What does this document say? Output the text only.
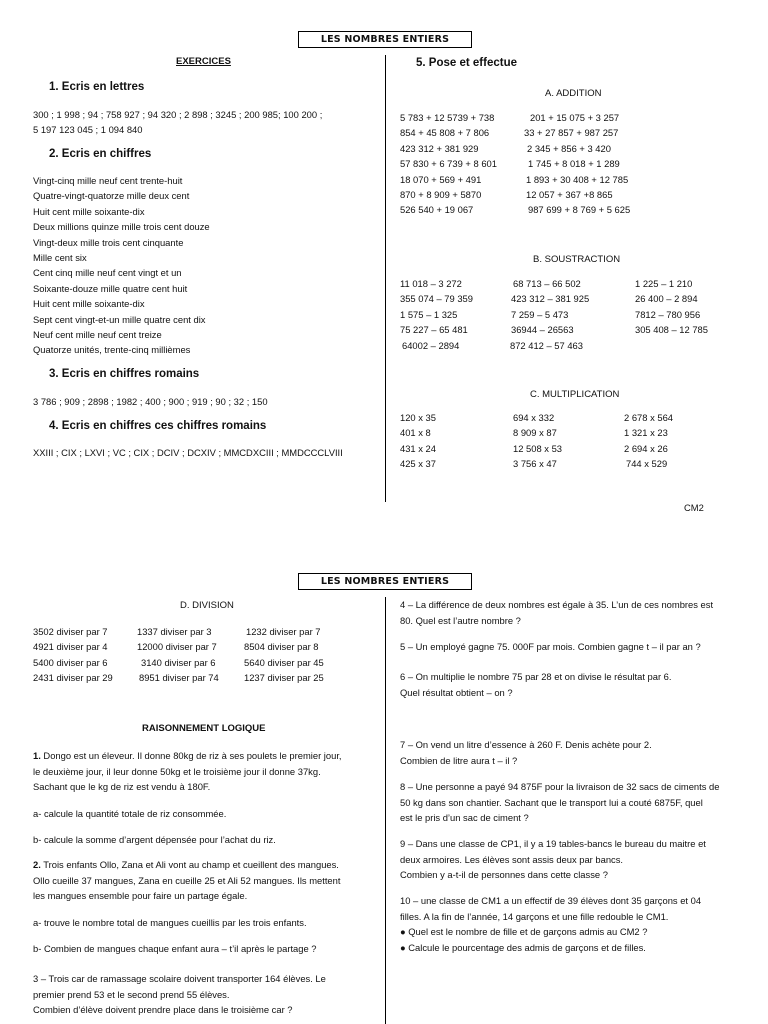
LES NOMBRES ENTIERS
EXERCICES
1. Ecris en lettres
300 ; 1 998 ; 94 ; 758 927 ; 94 320 ; 2 898 ; 3245 ; 200 985; 100 200 ;
5 197 123 045 ; 1 094 840
2. Ecris en chiffres
Vingt-cinq mille neuf cent trente-huit
Quatre-vingt-quatorze mille deux cent
Huit cent mille soixante-dix
Deux millions quinze mille trois cent douze
Vingt-deux mille trois cent cinquante
Mille cent six
Cent cinq mille neuf cent vingt et un
Soixante-douze mille quatre cent huit
Huit cent mille soixante-dix
Sept cent vingt-et-un mille quatre cent dix
Neuf cent mille neuf cent treize
Quatorze unités, trente-cinq millièmes
3. Ecris en chiffres romains
3 786 ; 909 ; 2898 ; 1982 ; 400 ; 900 ; 919 ; 90 ; 32 ; 150
4. Ecris en chiffres ces chiffres romains
XXIII ; CIX ; LXVI ; VC ; CIX ; DCIV ; DCXIV ; MMCDXCIII ; MMDCCCLVIII
5. Pose et effectue
A. ADDITION
5 783 + 12 5739 + 738
854 + 45 808 + 7 806
423 312 + 381 929
57 830 + 6 739 + 8 601
18 070 + 569 + 491
870 + 8 909 + 5870
526 540 + 19 067
201 + 15 075 + 3 257
33 + 27 857 + 987 257
2 345 + 856 + 3 420
1 745 + 8 018 + 1 289
1 893 + 30 408 + 12 785
12 057 + 367 +8 865
987 699 + 8 769 + 5 625
B. SOUSTRACTION
11 018 – 3 272
355 074 – 79 359
1 575 – 1 325
75 227 – 65 481
64002 – 2894
68 713 – 66 502
423 312 – 381 925
7 259 – 5 473
36944 – 26563
872 412 – 57 463
1 225 – 1 210
26 400 – 2 894
7812 – 780 956
305 408 – 12 785
C. MULTIPLICATION
120 x 35
401 x 8
431 x 24
425 x 37
694 x 332
8 909 x 87
12 508 x 53
3 756 x 47
2 678 x 564
1 321 x 23
2 694 x 26
744 x 529
CM2
LES NOMBRES ENTIERS
D. DIVISION
3502 diviser par 7
4921 diviser par 4
5400 diviser par 6
2431 diviser par 29
1337 diviser par 3
12000 diviser par 7
3140 diviser par 6
8951 diviser par 74
1232 diviser par 7
8504 diviser par 8
5640 diviser par 45
1237 diviser par 25
RAISONNEMENT LOGIQUE

1. Dongo est un éleveur. Il donne 80kg de riz à ses poulets le premier jour,

le deuxième jour, il leur donne 50kg et le troisième jour il donne 37kg.

Sachant que le kg de riz est vendu à 180F.

a- calcule la quantité totale de riz consommée.

b- calcule la somme d’argent dépensée pour l’achat du riz.

2. Trois enfants Ollo, Zana et Ali vont au champ et cueillent des mangues.

Ollo cueille 37 mangues, Zana en cueille 25 et Ali 52 mangues. Ils mettent

les mangues ensemble pour faire un partage égale.

a- trouve le nombre total de mangues cueillis par les trois enfants.

b- Combien de mangues chaque enfant aura – t’il après le partage ?

3 – Trois car de ramassage scolaire doivent transporter 164 élèves. Le

premier prend 53 et le second prend 55 élèves.

Combien d’élève doivent prendre place dans le troisième car ?

4 – La différence de deux nombres est égale à 35. L’un de ces nombres est

80. Quel est l’autre nombre ?

5 – Un employé gagne 75. 000F par mois. Combien gagne t – il par an ?

6 – On multiplie le nombre 75 par 28 et on divise le résultat par 6.

Quel résultat obtient – on ?

7 – On vend un litre d’essence à 260 F. Denis achète pour 2.

Combien de litre aura t – il ?

8 – Une personne a payé 94 875F pour la livraison de 32 sacs de ciments de

50 kg dans son chantier. Sachant que le transport lui a couté 6875F, quel

est le pris d’un sac de ciment ?

9 – Dans une classe de CP1, il y a 19 tables-bancs le bureau du maitre et

deux armoires. Les élèves sont assis deux par bancs.

Combien y a-t-il de personnes dans cette classe ?

10 – une classe de CM1 a un effectif de 39 élèves dont 35 garçons et 04

filles. A la fin de l’année, 14 garçons et une fille redouble le CM1.

● Quel est le nombre de fille et de garçons admis au CM2 ?

● Calcule le pourcentage des admis de garçons et de filles.
